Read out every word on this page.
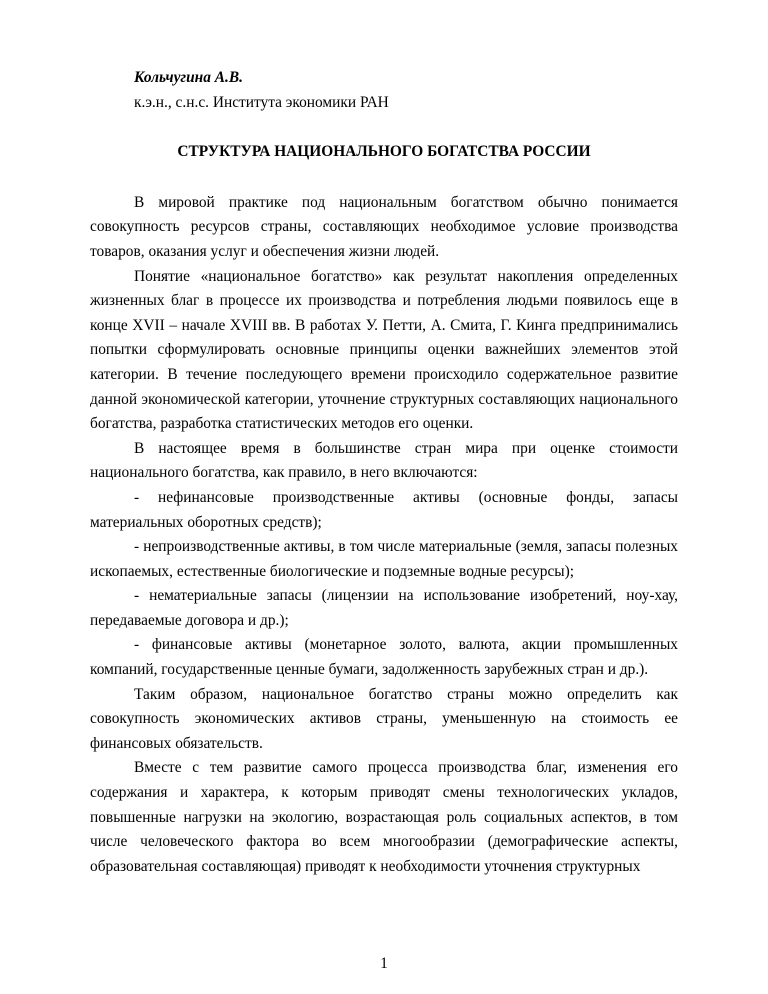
Кольчугина А.В.

к.э.н., с.н.с. Института экономики РАН

СТРУКТУРА НАЦИОНАЛЬНОГО БОГАТСТВА РОССИИ

В мировой практике под национальным богатством обычно понимается совокупность ресурсов страны, составляющих необходимое условие производства товаров, оказания услуг и обеспечения жизни людей.

Понятие «национальное богатство» как результат накопления определенных жизненных благ в процессе их производства и потребления людьми появилось еще в конце XVII – начале XVIII вв. В работах У. Петти, А. Смита, Г. Кинга предпринимались попытки сформулировать основные принципы оценки важнейших элементов этой категории. В течение последующего времени происходило содержательное развитие данной экономической категории, уточнение структурных составляющих национального богатства, разработка статистических методов его оценки.

В настоящее время в большинстве стран мира при оценке стоимости национального богатства, как правило, в него включаются:

- нефинансовые производственные активы (основные фонды, запасы материальных оборотных средств);

- непроизводственные активы, в том числе материальные (земля, запасы полезных ископаемых, естественные биологические и подземные водные ресурсы);

- нематериальные запасы (лицензии на использование изобретений, ноу-хау, передаваемые договора и др.);

- финансовые активы (монетарное золото, валюта, акции промышленных компаний, государственные ценные бумаги, задолженность зарубежных стран и др.).

Таким образом, национальное богатство страны можно определить как совокупность экономических активов страны, уменьшенную на стоимость ее финансовых обязательств.

Вместе с тем развитие самого процесса производства благ, изменения его содержания и характера, к которым приводят смены технологических укладов, повышенные нагрузки на экологию, возрастающая роль социальных аспектов, в том числе человеческого фактора во всем многообразии (демографические аспекты, образовательная составляющая) приводят к необходимости уточнения структурных

1
